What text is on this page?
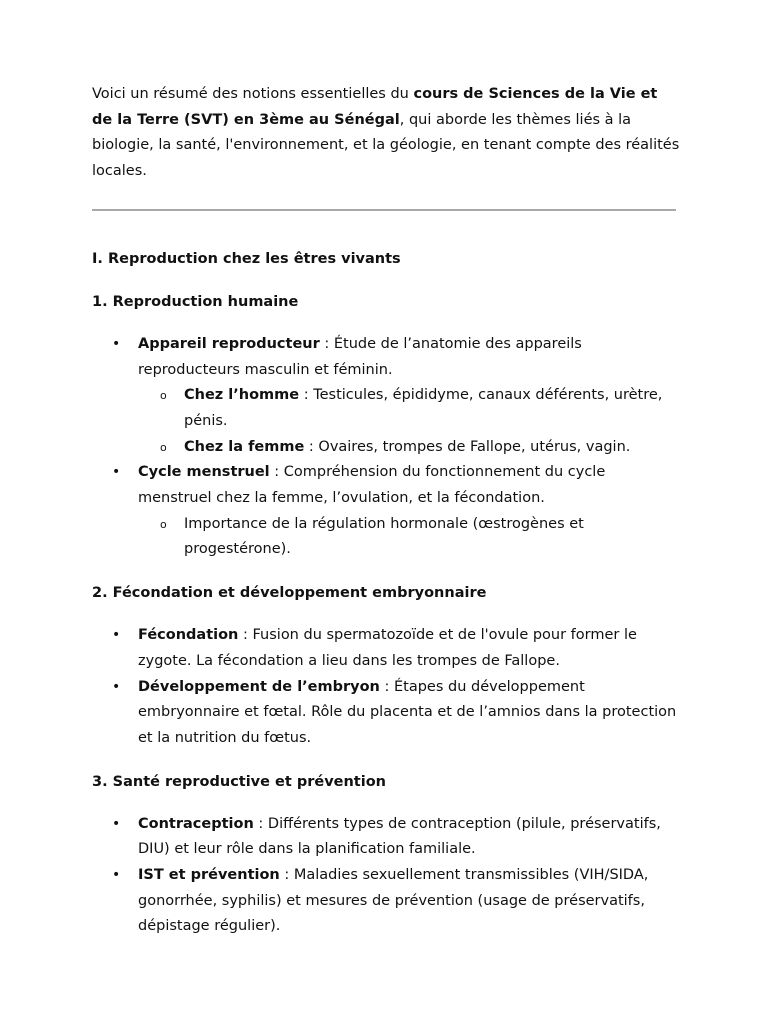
Voici un résumé des notions essentielles du cours de Sciences de la Vie et de la Terre (SVT) en 3ème au Sénégal, qui aborde les thèmes liés à la biologie, la santé, l'environnement, et la géologie, en tenant compte des réalités locales.

I. Reproduction chez les êtres vivants

1. Reproduction humaine

• Appareil reproducteur : Étude de l’anatomie des appareils reproducteurs masculin et féminin.
o Chez l’homme : Testicules, épididyme, canaux déférents, urètre, pénis.
o Chez la femme : Ovaires, trompes de Fallope, utérus, vagin.
• Cycle menstruel : Compréhension du fonctionnement du cycle menstruel chez la femme, l’ovulation, et la fécondation.
o Importance de la régulation hormonale (œstrogènes et progestérone).

2. Fécondation et développement embryonnaire

• Fécondation : Fusion du spermatozoïde et de l'ovule pour former le zygote. La fécondation a lieu dans les trompes de Fallope.
• Développement de l’embryon : Étapes du développement embryonnaire et fœtal. Rôle du placenta et de l’amnios dans la protection et la nutrition du fœtus.

3. Santé reproductive et prévention

• Contraception : Différents types de contraception (pilule, préservatifs, DIU) et leur rôle dans la planification familiale.
• IST et prévention : Maladies sexuellement transmissibles (VIH/SIDA, gonorrhée, syphilis) et mesures de prévention (usage de préservatifs, dépistage régulier).
